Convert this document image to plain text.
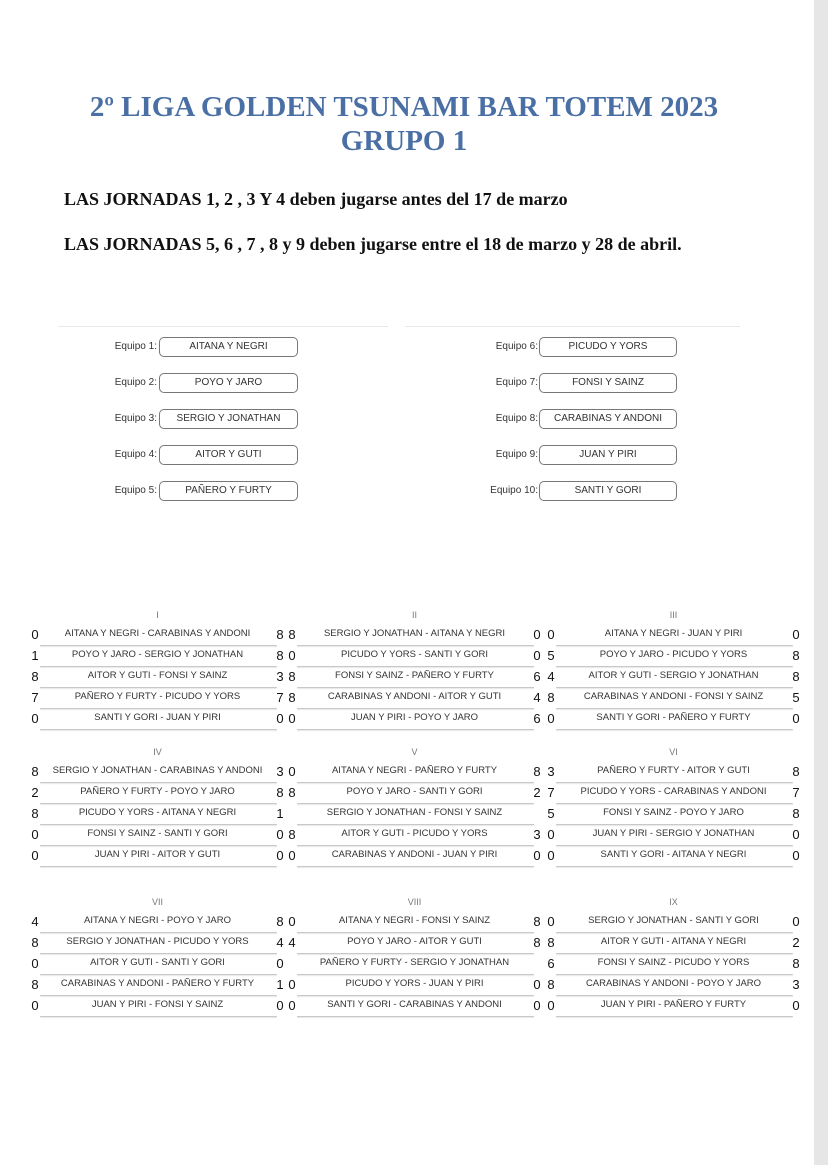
2º LIGA GOLDEN TSUNAMI BAR TOTEM 2023
GRUPO 1
LAS JORNADAS 1, 2 , 3 Y 4 deben jugarse antes del 17 de marzo
LAS JORNADAS 5, 6 , 7 , 8 y 9 deben jugarse entre el 18 de marzo y 28 de abril.
Equipo 1:	AITANA Y NEGRI
Equipo 2:	POYO Y JARO
Equipo 3:	SERGIO Y JONATHAN
Equipo 4:	AITOR Y GUTI
Equipo 5:	PAÑERO Y FURTY
Equipo 6:	PICUDO Y YORS
Equipo 7:	FONSI Y SAINZ
Equipo 8:	CARABINAS Y ANDONI
Equipo 9:	JUAN Y PIRI
Equipo 10:	SANTI Y GORI
I
0	AITANA Y NEGRI - CARABINAS Y ANDONI	8
1	POYO Y JARO - SERGIO Y JONATHAN	8
8	AITOR Y GUTI - FONSI Y SAINZ	3
7	PAÑERO Y FURTY - PICUDO Y YORS	7
0	SANTI Y GORI - JUAN Y PIRI	0
II
8	SERGIO Y JONATHAN - AITANA Y NEGRI	0
0	PICUDO Y YORS - SANTI Y GORI	0
8	FONSI Y SAINZ - PAÑERO Y FURTY	6
8	CARABINAS Y ANDONI - AITOR Y GUTI	4
0	JUAN Y PIRI - POYO Y JARO	6
III
0	AITANA Y NEGRI - JUAN Y PIRI	0
5	POYO Y JARO - PICUDO Y YORS	8
4	AITOR Y GUTI - SERGIO Y JONATHAN	8
8	CARABINAS Y ANDONI - FONSI Y SAINZ	5
0	SANTI Y GORI - PAÑERO Y FURTY	0
IV
8	SERGIO Y JONATHAN - CARABINAS Y ANDONI	3
2	PAÑERO Y FURTY - POYO Y JARO	8
8	PICUDO Y YORS - AITANA Y NEGRI	1
0	FONSI Y SAINZ - SANTI Y GORI	0
0	JUAN Y PIRI - AITOR Y GUTI	0
V
0	AITANA Y NEGRI - PAÑERO Y FURTY	8
8	POYO Y JARO - SANTI Y GORI	2
SERGIO Y JONATHAN - FONSI Y SAINZ
8	AITOR Y GUTI - PICUDO Y YORS	3
0	CARABINAS Y ANDONI - JUAN Y PIRI	0
VI
3	PAÑERO Y FURTY - AITOR Y GUTI	8
7	PICUDO Y YORS - CARABINAS Y ANDONI	7
5	FONSI Y SAINZ - POYO Y JARO	8
0	JUAN Y PIRI - SERGIO Y JONATHAN	0
0	SANTI Y GORI - AITANA Y NEGRI	0
VII
4	AITANA Y NEGRI - POYO Y JARO	8
8	SERGIO Y JONATHAN - PICUDO Y YORS	4
0	AITOR Y GUTI - SANTI Y GORI	0
8	CARABINAS Y ANDONI - PAÑERO Y FURTY	1
0	JUAN Y PIRI - FONSI Y SAINZ	0
VIII
0	AITANA Y NEGRI - FONSI Y SAINZ	8
4	POYO Y JARO - AITOR Y GUTI	8
PAÑERO Y FURTY - SERGIO Y JONATHAN
0	PICUDO Y YORS - JUAN Y PIRI	0
0	SANTI Y GORI - CARABINAS Y ANDONI	0
IX
0	SERGIO Y JONATHAN - SANTI Y GORI	0
8	AITOR Y GUTI - AITANA Y NEGRI	2
6	FONSI Y SAINZ - PICUDO Y YORS	8
8	CARABINAS Y ANDONI - POYO Y JARO	3
0	JUAN Y PIRI - PAÑERO Y FURTY	0
